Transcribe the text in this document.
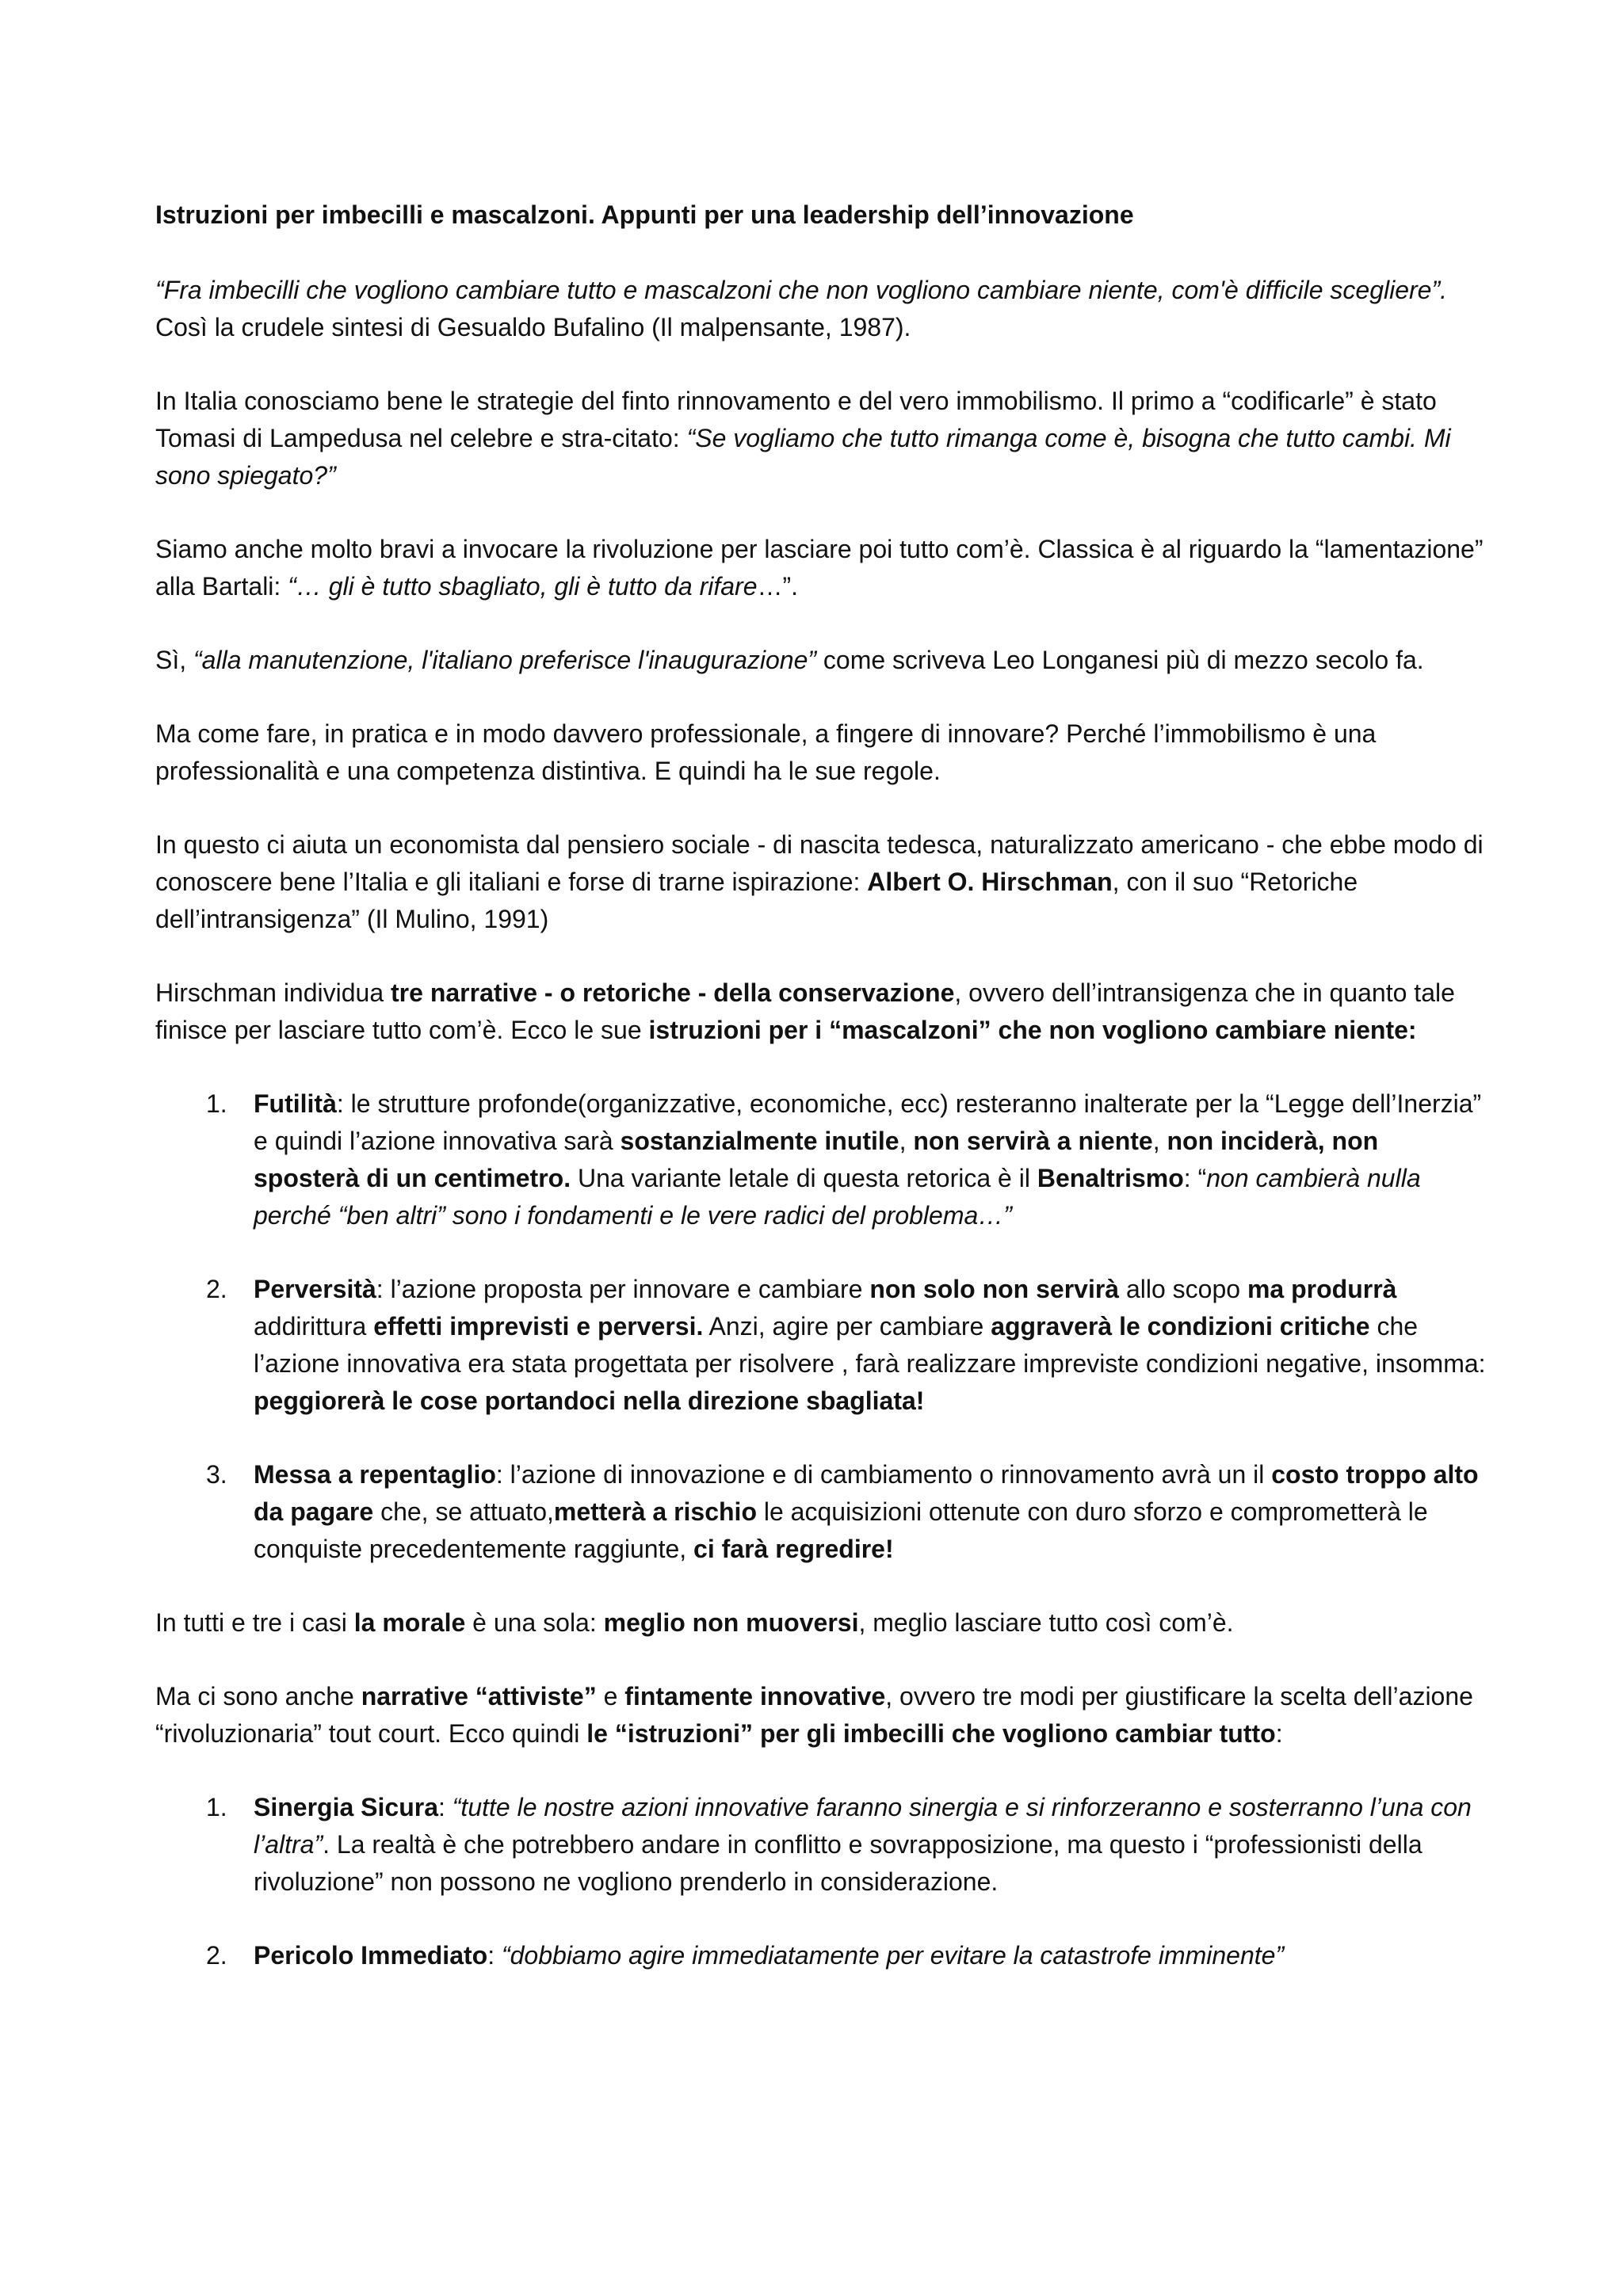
Istruzioni per imbecilli e mascalzoni. Appunti per una leadership dell’innovazione

“Fra imbecilli che vogliono cambiare tutto e mascalzoni che non vogliono cambiare niente, com'è difficile scegliere”. Così la crudele sintesi di Gesualdo Bufalino (Il malpensante, 1987).

In Italia conosciamo bene le strategie del finto rinnovamento e del vero immobilismo. Il primo a “codificarle” è stato Tomasi di Lampedusa nel celebre e stra-citato: “Se vogliamo che tutto rimanga come è, bisogna che tutto cambi. Mi sono spiegato?”

Siamo anche molto bravi a invocare la rivoluzione per lasciare poi tutto com’è. Classica è al riguardo la “lamentazione” alla Bartali: “… gli è tutto sbagliato, gli è tutto da rifare…”.

Sì, “alla manutenzione, l'italiano preferisce l'inaugurazione” come scriveva Leo Longanesi più di mezzo secolo fa.

Ma come fare, in pratica e in modo davvero professionale, a fingere di innovare? Perché l’immobilismo è una professionalità e una competenza distintiva. E quindi ha le sue regole.

In questo ci aiuta un economista dal pensiero sociale - di nascita tedesca, naturalizzato americano - che ebbe modo di conoscere bene l’Italia e gli italiani e forse di trarne ispirazione: Albert O. Hirschman, con il suo “Retoriche dell’intransigenza” (Il Mulino, 1991)

Hirschman individua tre narrative - o retoriche - della conservazione, ovvero dell’intransigenza che in quanto tale finisce per lasciare tutto com’è. Ecco le sue istruzioni per i “mascalzoni” che non vogliono cambiare niente:

1. Futilità: le strutture profonde(organizzative, economiche, ecc) resteranno inalterate per la “Legge dell’Inerzia” e quindi l’azione innovativa sarà sostanzialmente inutile, non servirà a niente, non inciderà, non sposterà di un centimetro. Una variante letale di questa retorica è il Benaltrismo: “non cambierà nulla perché “ben altri” sono i fondamenti e le vere radici del problema…”
2. Perversità: l’azione proposta per innovare e cambiare non solo non servirà allo scopo ma produrrà addirittura effetti imprevisti e perversi. Anzi, agire per cambiare aggraverà le condizioni critiche che l’azione innovativa era stata progettata per risolvere , farà realizzare impreviste condizioni negative, insomma: peggiorerà le cose portandoci nella direzione sbagliata!
3. Messa a repentaglio: l’azione di innovazione e di cambiamento o rinnovamento avrà un il costo troppo alto da pagare che, se attuato,metterà a rischio le acquisizioni ottenute con duro sforzo e comprometterà le conquiste precedentemente raggiunte, ci farà regredire!

In tutti e tre i casi la morale è una sola: meglio non muoversi, meglio lasciare tutto così com’è.

Ma ci sono anche narrative “attiviste” e fintamente innovative, ovvero tre modi per giustificare la scelta dell’azione “rivoluzionaria” tout court. Ecco quindi le “istruzioni” per gli imbecilli che vogliono cambiar tutto:

1. Sinergia Sicura: “tutte le nostre azioni innovative faranno sinergia e si rinforzeranno e sosterranno l’una con l’altra”. La realtà è che potrebbero andare in conflitto e sovrapposizione, ma questo i “professionisti della rivoluzione” non possono ne vogliono prenderlo in considerazione.
2. Pericolo Immediato: “dobbiamo agire immediatamente per evitare la catastrofe imminente”
